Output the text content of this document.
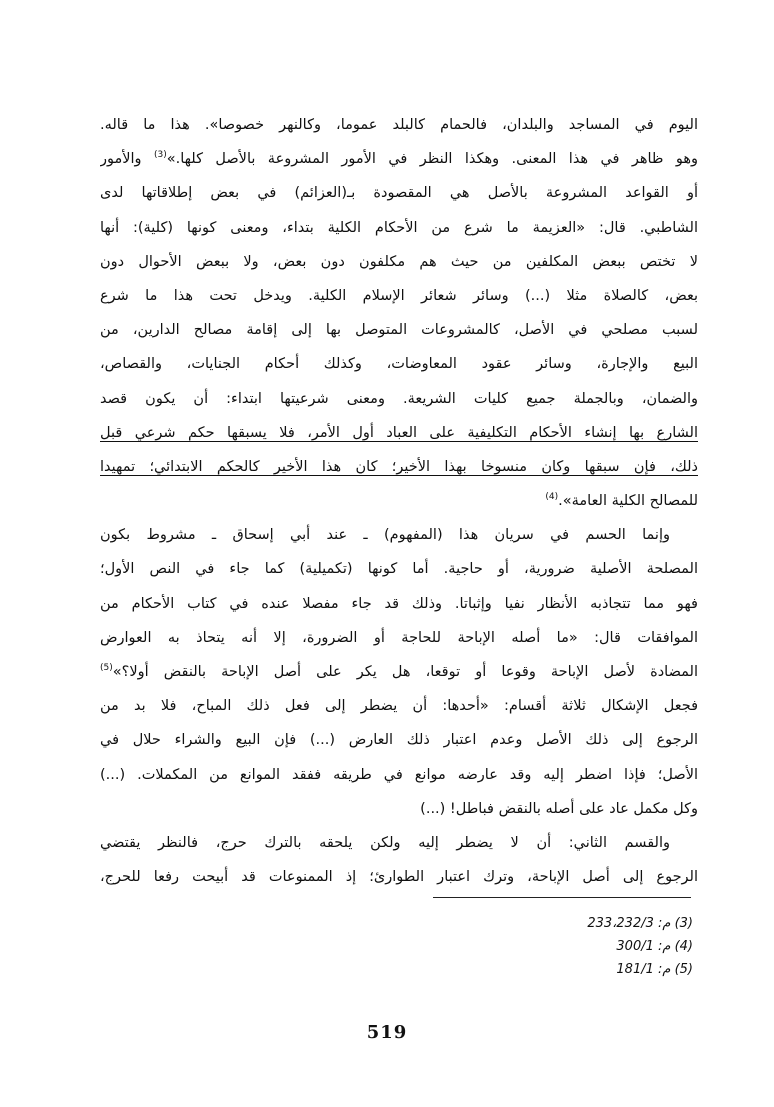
اليوم في المساجد والبلدان، فالحمام كالبلد عموما، وكالنهر خصوصا». هذا ما قاله.
وهو ظاهر في هذا المعنى. وهكذا النظر في الأمور المشروعة بالأصل كلها.»$^{(3)}$ والأمور
أو القواعد المشروعة بالأصل هي المقصودة بـ(العزائم) في بعض إطلاقاتها لدى
الشاطبي. قال: «العزيمة ما شرع من الأحكام الكلية بتداء، ومعنى كونها (كلية): أنها
لا تختص ببعض المكلفين من حيث هم مكلفون دون بعض، ولا ببعض الأحوال دون
بعض، كالصلاة مثلا (...) وسائر شعائر الإسلام الكلية. ويدخل تحت هذا ما شرع
لسبب مصلحي في الأصل، كالمشروعات المتوصل بها إلى إقامة مصالح الدارين، من
البيع والإجارة، وسائر عقود المعاوضات، وكذلك أحكام الجنايات، والقصاص،
والضمان، وبالجملة جميع كليات الشريعة. ومعنى شرعيتها ابتداء: أن يكون قصد
الشارع بها إنشاء الأحكام التكليفية على العباد أول الأمر، فلا يسبقها حكم شرعي قبل
ذلك، فإن سبقها وكان منسوخا بهذا الأخير؛ كان هذا الأخير كالحكم الابتدائي؛ تمهيدا
للمصالح الكلية العامة».$^{(4)}$
وإنما الحسم في سريان هذا (المفهوم) ـ عند أبي إسحاق ـ مشروط بكون
المصلحة الأصلية ضرورية، أو حاجية. أما كونها (تكميلية) كما جاء في النص الأول؛
فهو مما تتجاذبه الأنظار نفيا وإثباتا. وذلك قد جاء مفصلا عنده في كتاب الأحكام من
الموافقات قال: «ما أصله الإباحة للحاجة أو الضرورة، إلا أنه يتحاذ به العوارض
المضادة لأصل الإباحة وقوعا أو توقعا، هل يكر على أصل الإباحة بالنقض أولا؟»$^{(5)}$
فجعل الإشكال ثلاثة أقسام: «أحدها: أن يضطر إلى فعل ذلك المباح، فلا بد من
الرجوع إلى ذلك الأصل وعدم اعتبار ذلك العارض (...) فإن البيع والشراء حلال في
الأصل؛ فإذا اضطر إليه وقد عارضه موانع في طريقه ففقد الموانع من المكملات. (...)
وكل مكمل عاد على أصله بالنقض فباطل! (...)
والقسم الثاني: أن لا يضطر إليه ولكن يلحقه بالترك حرج، فالنظر يقتضي
الرجوع إلى أصل الإباحة، وترك اعتبار الطوارئ؛ إذ الممنوعات قد أبيحت رفعا للحرج،
(3) م: 233،232/3
(4) م: 300/1
(5) م: 181/1
519
